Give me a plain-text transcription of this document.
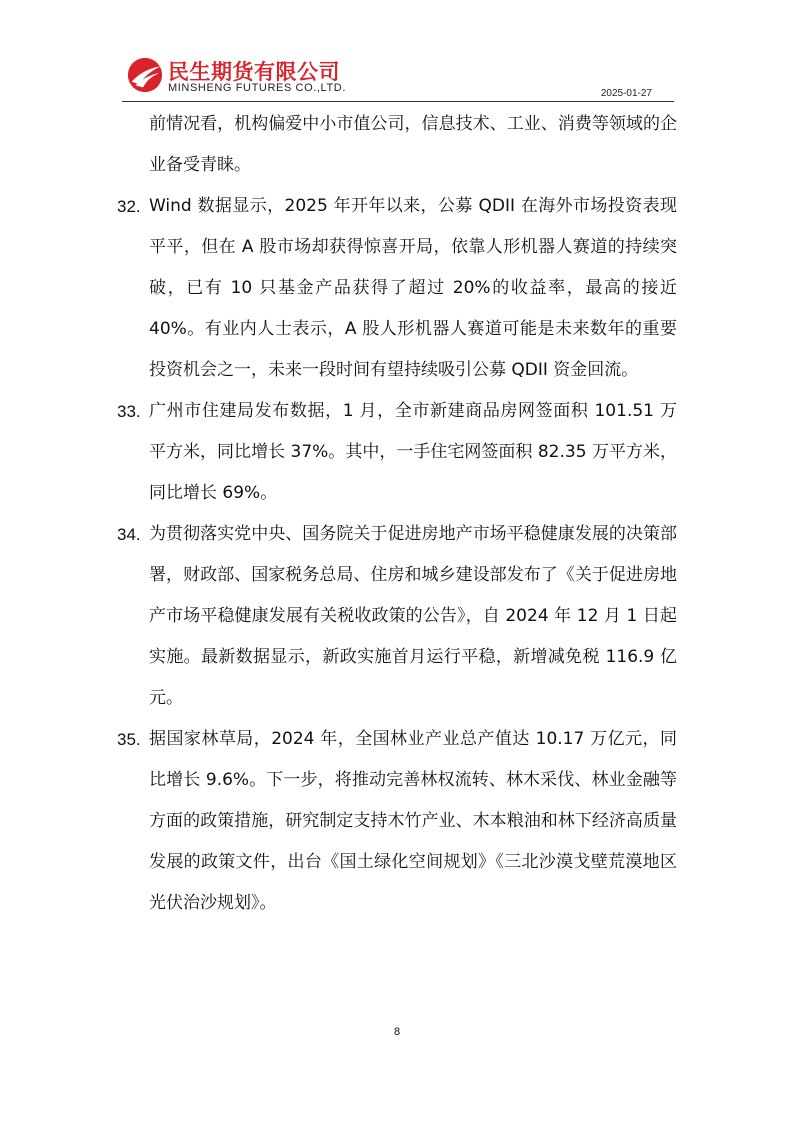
民生期货有限公司
MINSHENG FUTURES CO.,LTD.	2025-01-27

前情况看，机构偏爱中小市值公司，信息技术、工业、消费等领域的企业备受青睐。

32. Wind 数据显示，2025 年开年以来，公募 QDII 在海外市场投资表现平平，但在 A 股市场却获得惊喜开局，依靠人形机器人赛道的持续突破，已有 10 只基金产品获得了超过 20%的收益率，最高的接近 40%。有业内人士表示，A 股人形机器人赛道可能是未来数年的重要投资机会之一，未来一段时间有望持续吸引公募 QDII 资金回流。

33. 广州市住建局发布数据，1 月，全市新建商品房网签面积 101.51 万平方米，同比增长 37%。其中，一手住宅网签面积 82.35 万平方米，同比增长 69%。

34. 为贯彻落实党中央、国务院关于促进房地产市场平稳健康发展的决策部署，财政部、国家税务总局、住房和城乡建设部发布了《关于促进房地产市场平稳健康发展有关税收政策的公告》，自 2024 年 12 月 1 日起实施。最新数据显示，新政实施首月运行平稳，新增减免税 116.9 亿元。

35. 据国家林草局，2024 年，全国林业产业总产值达 10.17 万亿元，同比增长 9.6%。下一步，将推动完善林权流转、林木采伐、林业金融等方面的政策措施，研究制定支持木竹产业、木本粮油和林下经济高质量发展的政策文件，出台《国土绿化空间规划》《三北沙漠戈壁荒漠地区光伏治沙规划》。

8
